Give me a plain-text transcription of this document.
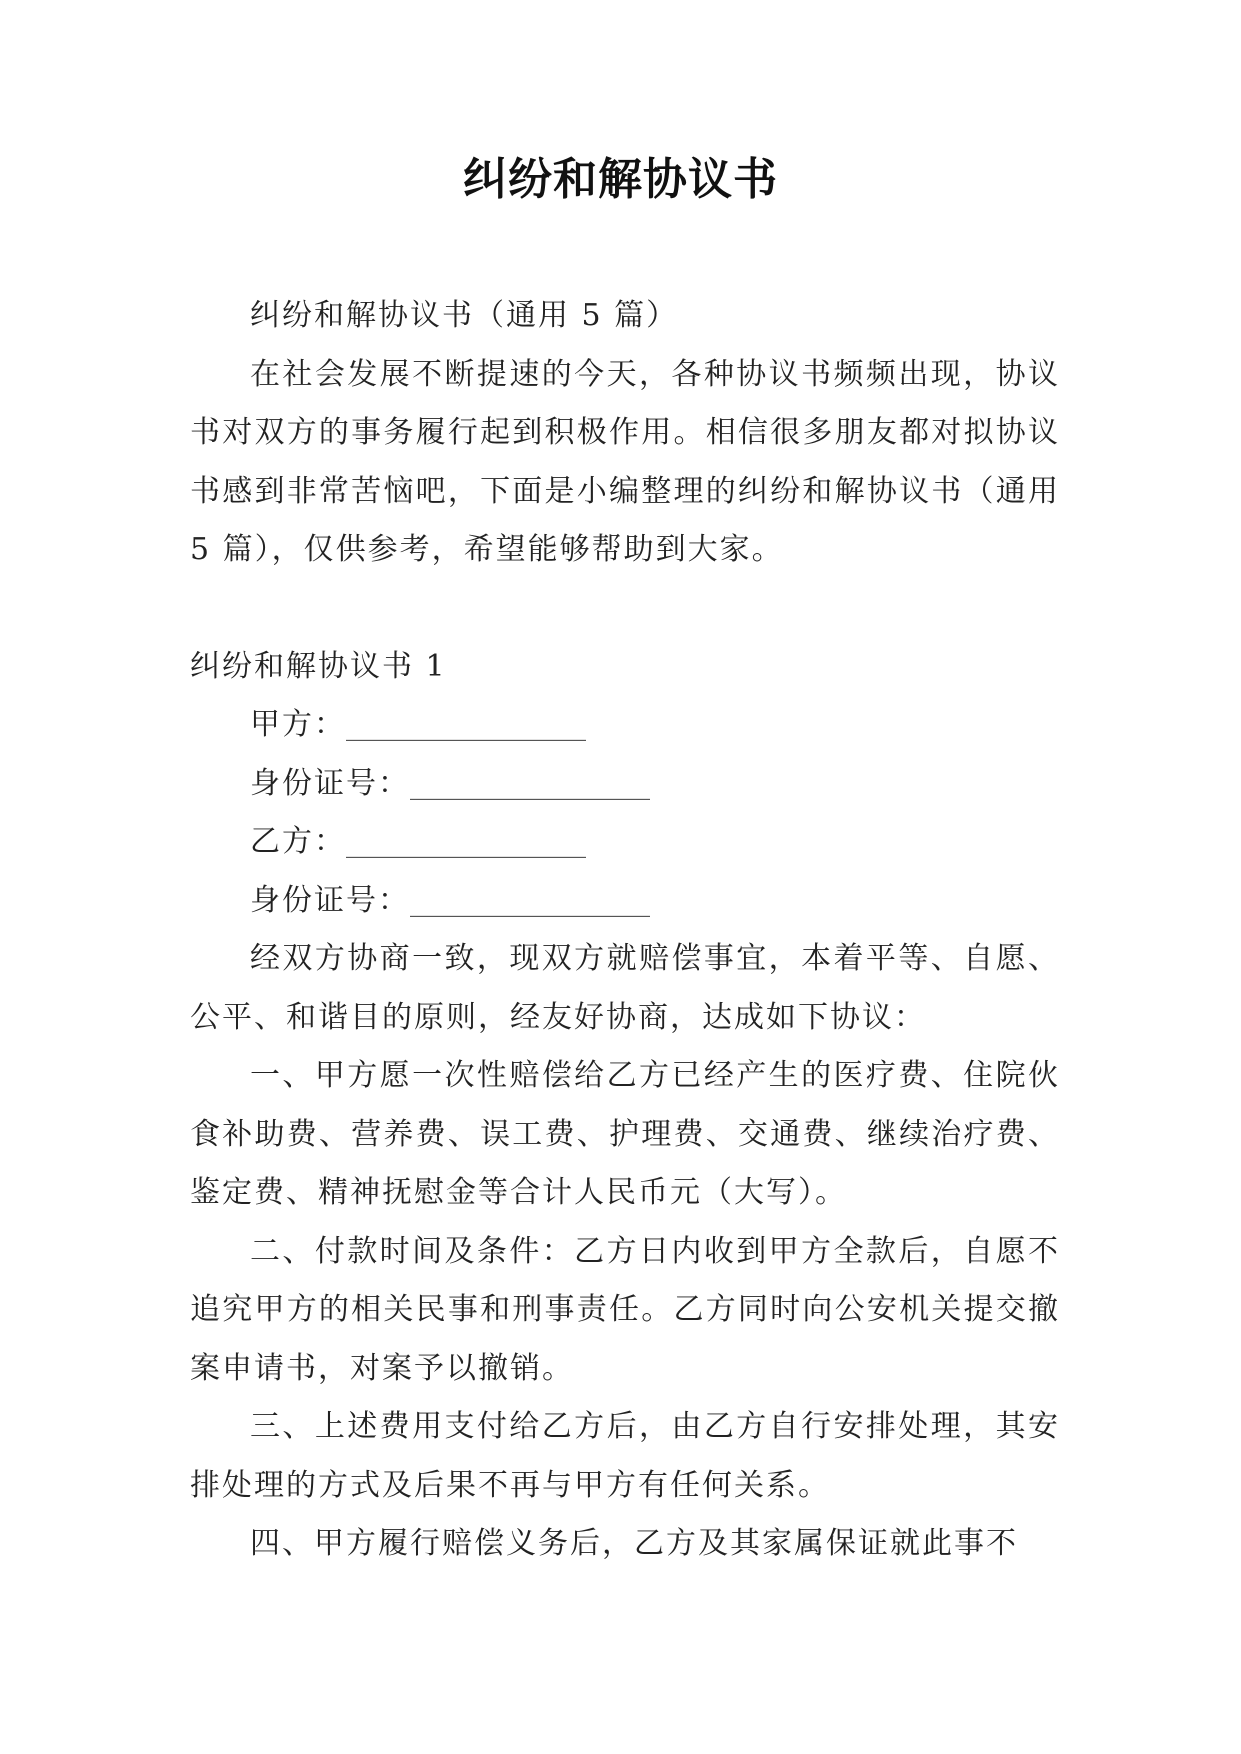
纠纷和解协议书

纠纷和解协议书（通用 5 篇）

在社会发展不断提速的今天，各种协议书频频出现，协议书对双方的事务履行起到积极作用。相信很多朋友都对拟协议书感到非常苦恼吧，下面是小编整理的纠纷和解协议书（通用 5 篇），仅供参考，希望能够帮助到大家。

纠纷和解协议书 1

甲方：________________

身份证号：________________

乙方：________________

身份证号：________________

经双方协商一致，现双方就赔偿事宜，本着平等、自愿、公平、和谐目的原则，经友好协商，达成如下协议：

一、甲方愿一次性赔偿给乙方已经产生的医疗费、住院伙食补助费、营养费、误工费、护理费、交通费、继续治疗费、鉴定费、精神抚慰金等合计人民币元（大写）。

二、付款时间及条件：乙方日内收到甲方全款后，自愿不追究甲方的相关民事和刑事责任。乙方同时向公安机关提交撤案申请书，对案予以撤销。

三、上述费用支付给乙方后，由乙方自行安排处理，其安排处理的方式及后果不再与甲方有任何关系。

四、甲方履行赔偿义务后，乙方及其家属保证就此事不
